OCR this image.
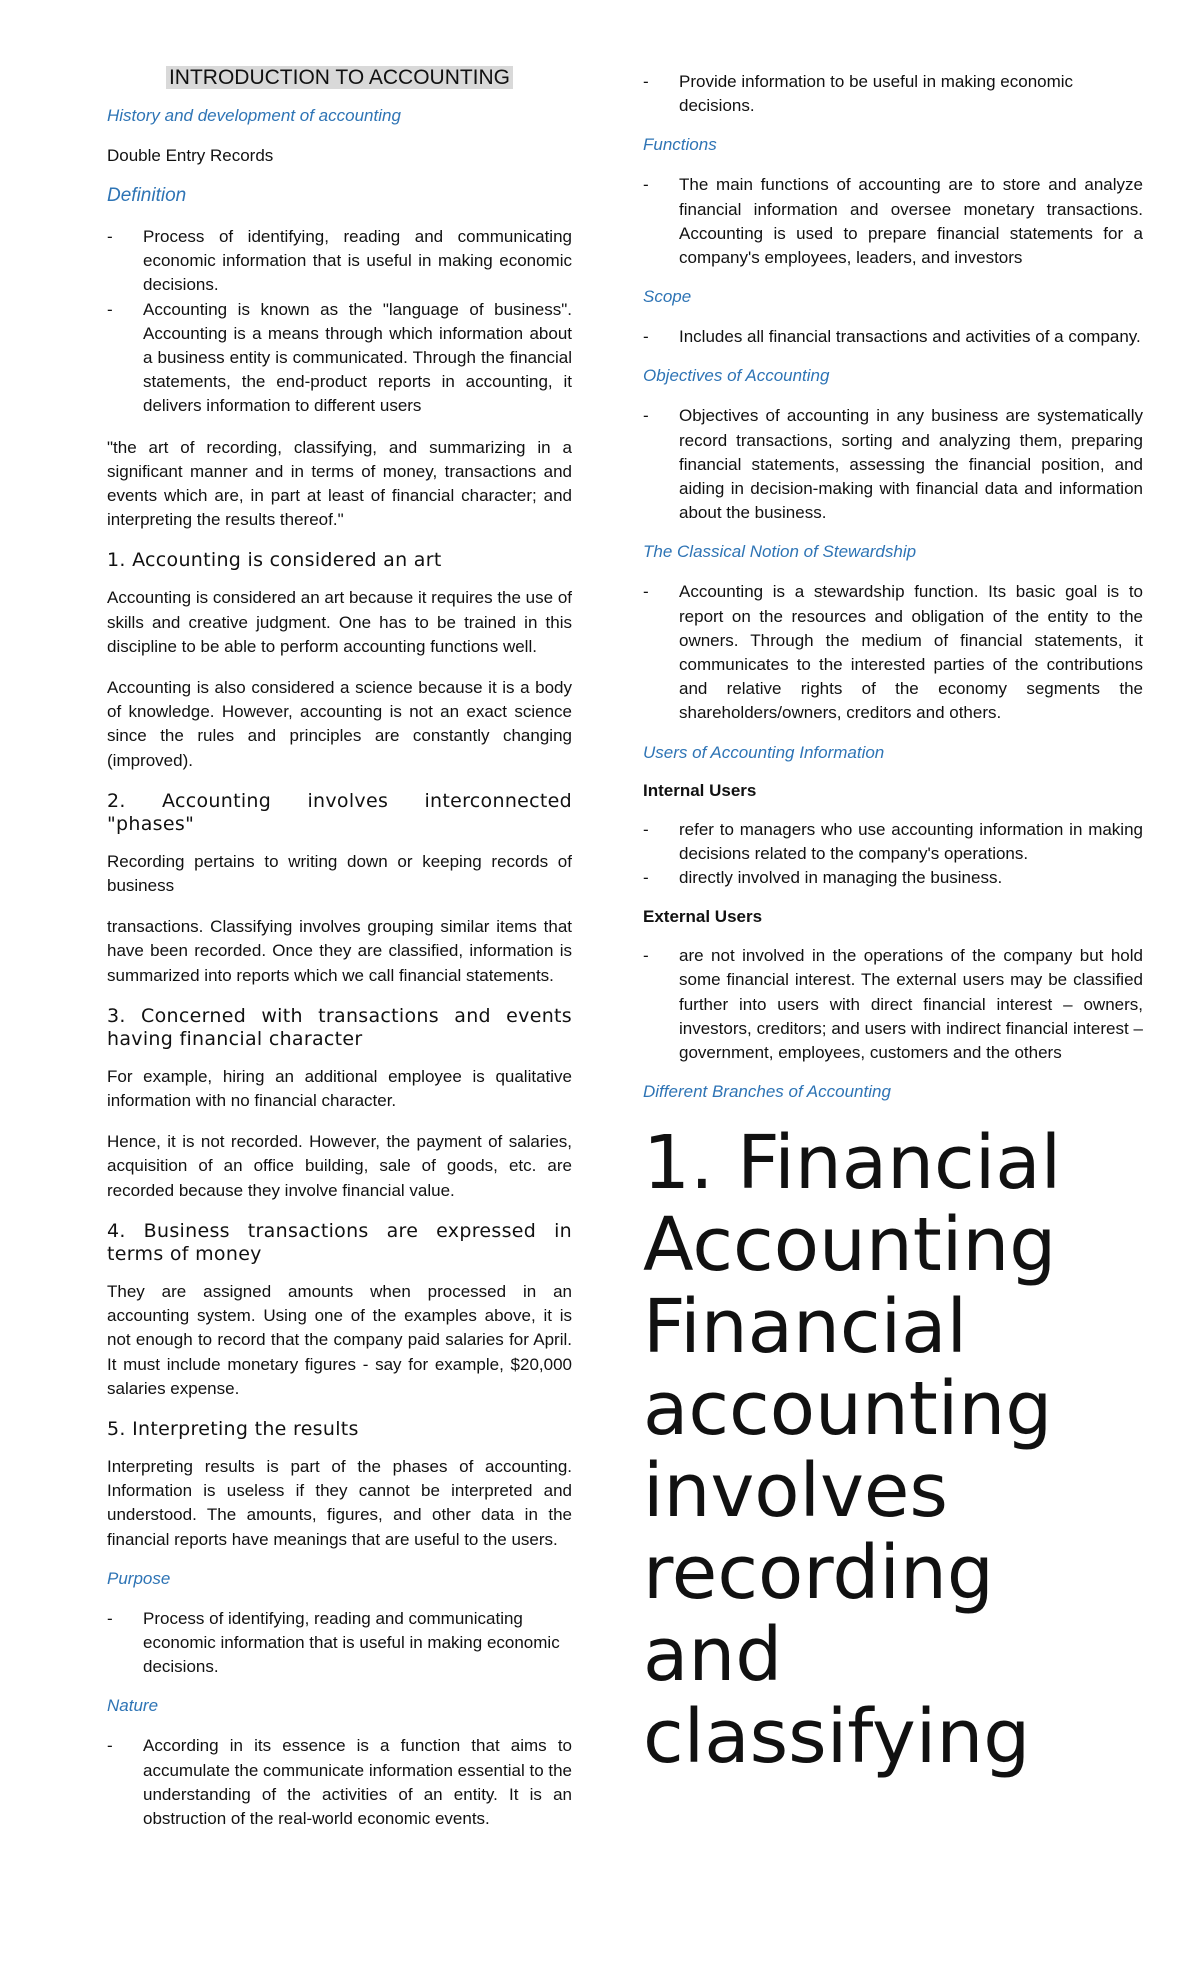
INTRODUCTION TO ACCOUNTING
History and development of accounting
Double Entry Records
Definition
- Process of identifying, reading and communicating economic information that is useful in making economic decisions.
- Accounting is known as the "language of business". Accounting is a means through which information about a business entity is communicated. Through the financial statements, the end-product reports in accounting, it delivers information to different users

"the art of recording, classifying, and summarizing in a significant manner and in terms of money, transactions and events which are, in part at least of financial character; and interpreting the results thereof."

1. Accounting is considered an art

Accounting is considered an art because it requires the use of skills and creative judgment. One has to be trained in this discipline to be able to perform accounting functions well.

Accounting is also considered a science because it is a body of knowledge. However, accounting is not an exact science since the rules and principles are constantly changing (improved).

2. Accounting involves interconnected "phases"

Recording pertains to writing down or keeping records of business

transactions. Classifying involves grouping similar items that have been recorded. Once they are classified, information is summarized into reports which we call financial statements.

3. Concerned with transactions and events having financial character

For example, hiring an additional employee is qualitative information with no financial character.

Hence, it is not recorded. However, the payment of salaries, acquisition of an office building, sale of goods, etc. are recorded because they involve financial value.

4. Business transactions are expressed in terms of money

They are assigned amounts when processed in an accounting system. Using one of the examples above, it is not enough to record that the company paid salaries for April. It must include monetary figures - say for example, $20,000 salaries expense.

5. Interpreting the results

Interpreting results is part of the phases of accounting. Information is useless if they cannot be interpreted and understood. The amounts, figures, and other data in the financial reports have meanings that are useful to the users.

Purpose
- Process of identifying, reading and communicating economic information that is useful in making economic decisions.
Nature
- According in its essence is a function that aims to accumulate the communicate information essential to the understanding of the activities of an entity. It is an obstruction of the real-world economic events.
- Provide information to be useful in making economic decisions.
Functions
- The main functions of accounting are to store and analyze financial information and oversee monetary transactions. Accounting is used to prepare financial statements for a company's employees, leaders, and investors
Scope
- Includes all financial transactions and activities of a company.
Objectives of Accounting
- Objectives of accounting in any business are systematically record transactions, sorting and analyzing them, preparing financial statements, assessing the financial position, and aiding in decision-making with financial data and information about the business.
The Classical Notion of Stewardship
- Accounting is a stewardship function. Its basic goal is to report on the resources and obligation of the entity to the owners. Through the medium of financial statements, it communicates to the interested parties of the contributions and relative rights of the economy segments the shareholders/owners, creditors and others.
Users of Accounting Information
Internal Users
- refer to managers who use accounting information in making decisions related to the company's operations.
- directly involved in managing the business.
External Users
- are not involved in the operations of the company but hold some financial interest. The external users may be classified further into users with direct financial interest – owners, investors, creditors; and users with indirect financial interest – government, employees, customers and the others
Different Branches of Accounting
1. Financial Accounting Financial accounting involves recording and classifying
